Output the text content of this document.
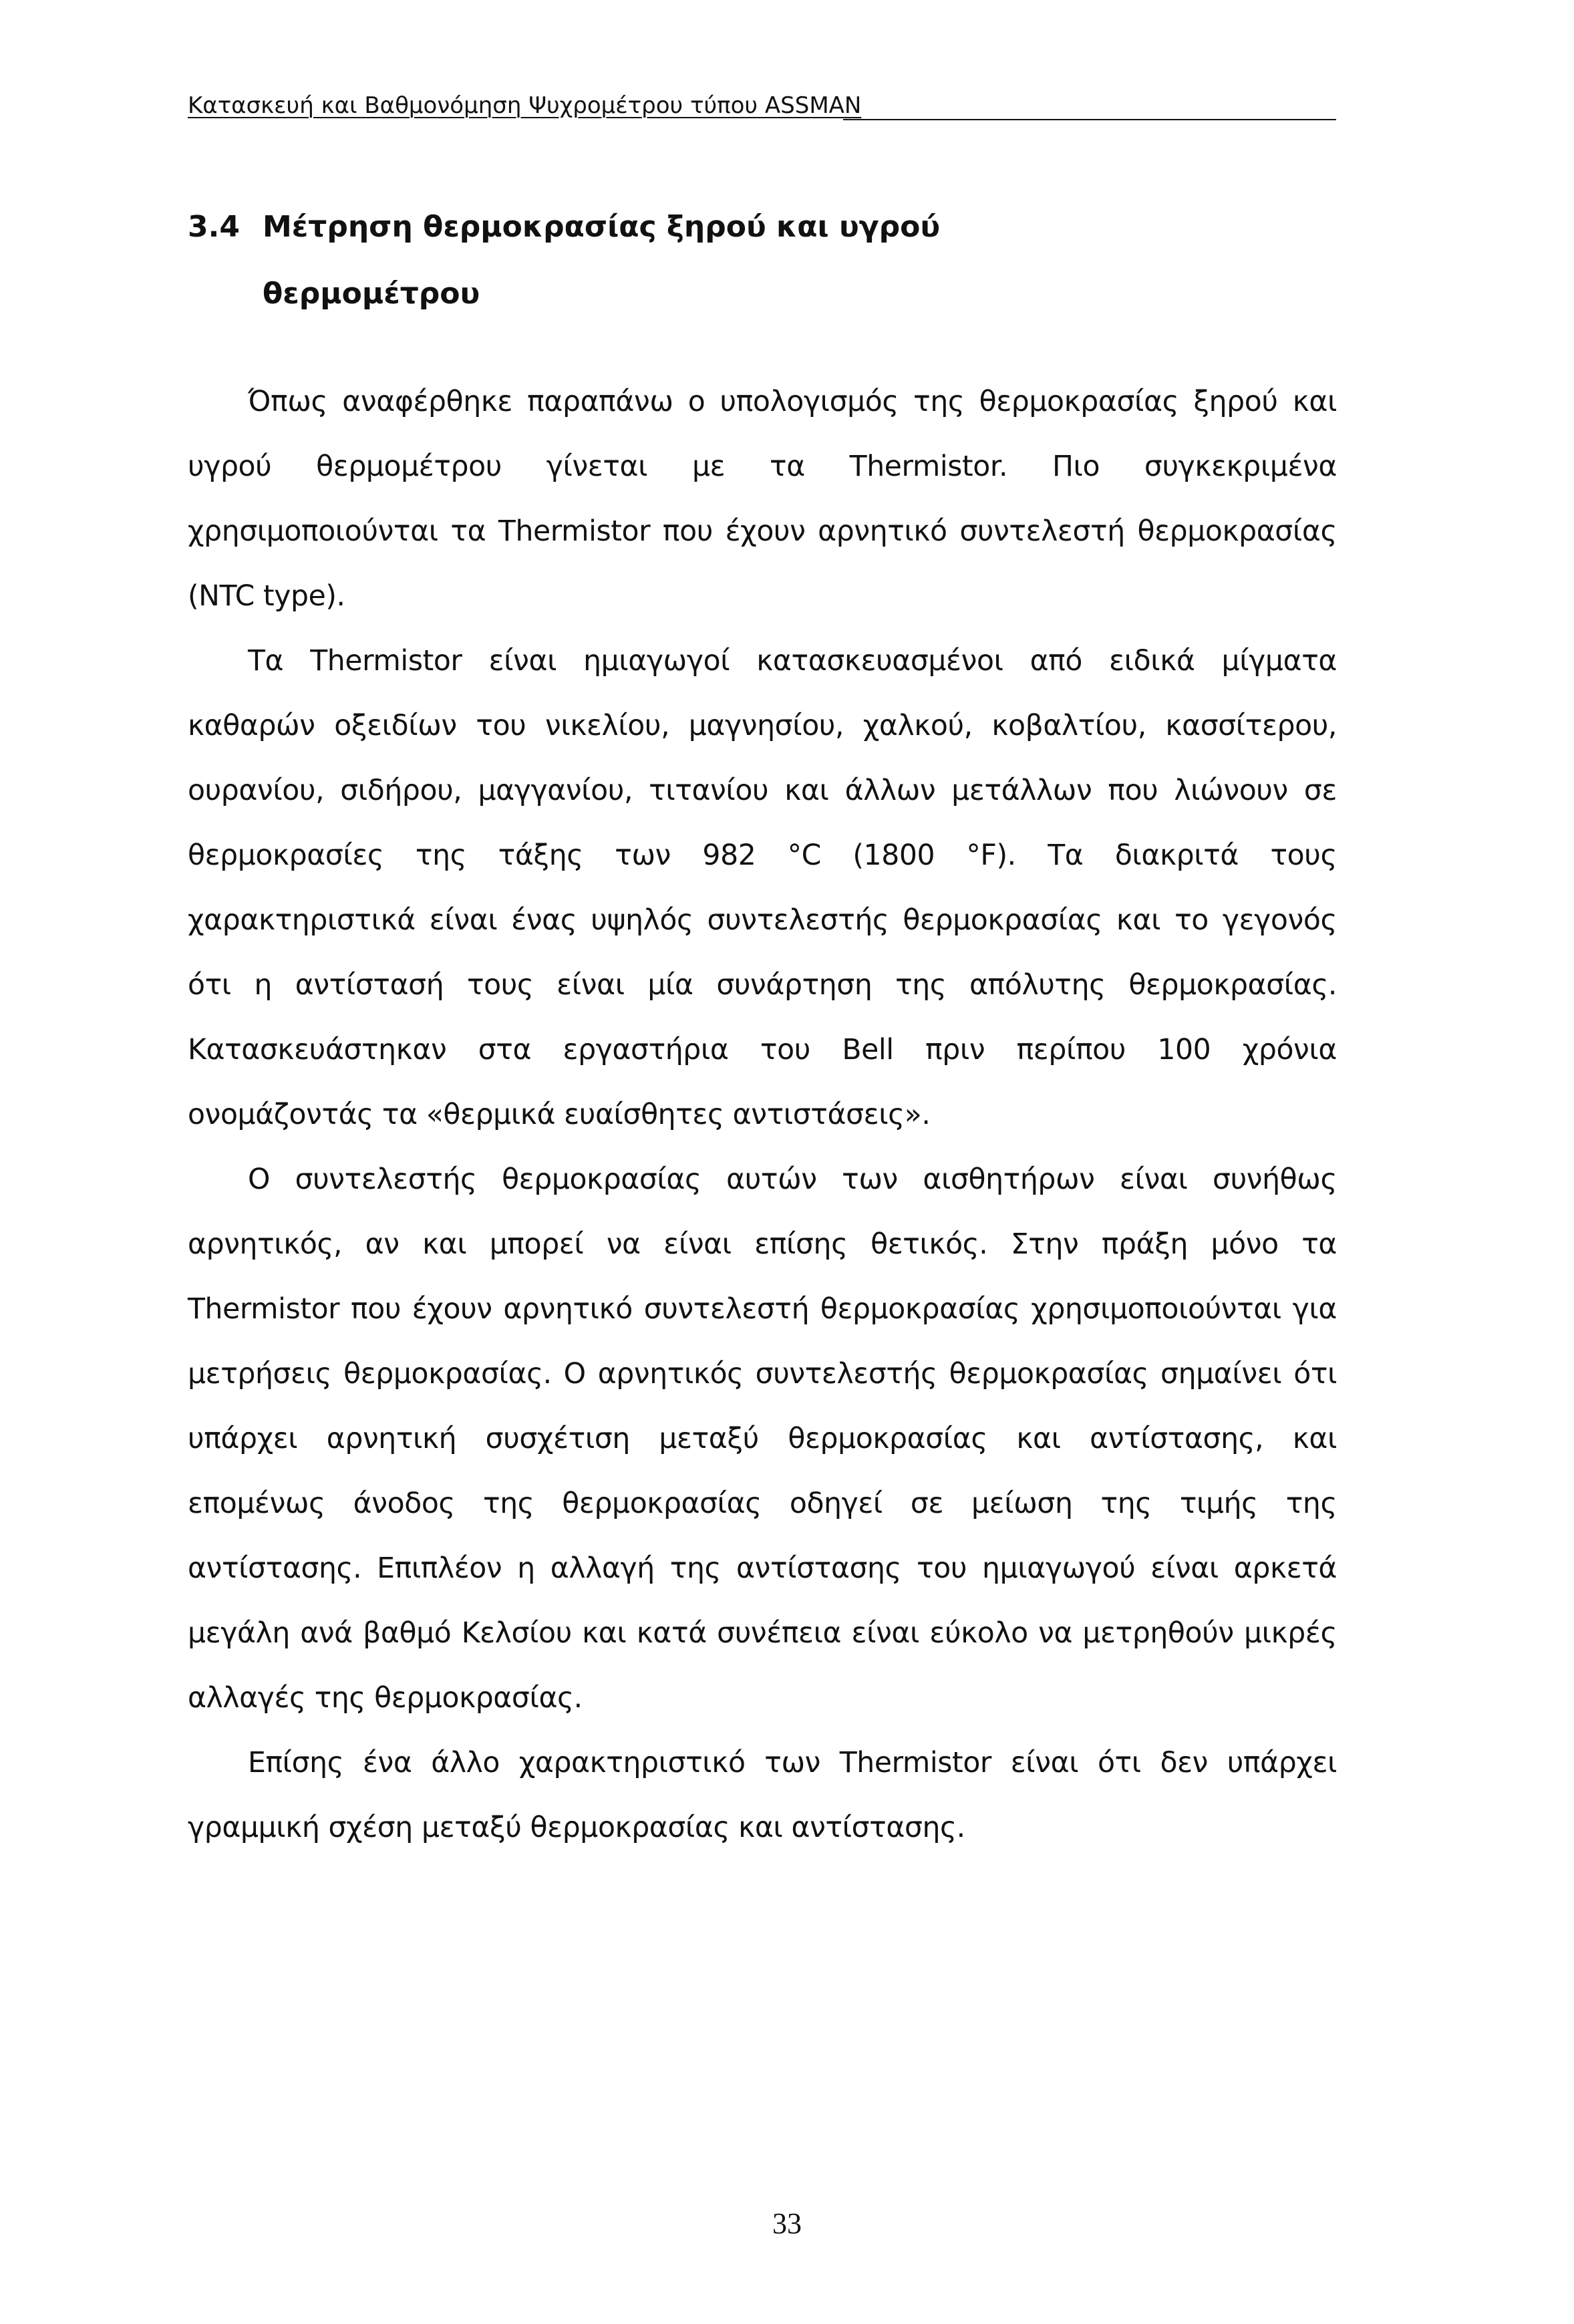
Κατασκευή και Βαθμονόμηση Ψυχρομέτρου τύπου ASSMAN
3.4 Μέτρηση θερμοκρασίας ξηρού και υγρού
θερμομέτρου

Όπως αναφέρθηκε παραπάνω ο υπολογισμός της θερμοκρασίας ξηρού και υγρού θερμομέτρου γίνεται με τα Thermistor. Πιο συγκεκριμένα χρησιμοποιούνται τα Thermistor που έχουν αρνητικό συντελεστή θερμοκρασίας (NTC type).

Τα Thermistor είναι ημιαγωγοί κατασκευασμένοι από ειδικά μίγματα καθαρών οξειδίων του νικελίου, μαγνησίου, χαλκού, κοβαλτίου, κασσίτερου, ουρανίου, σιδήρου, μαγγανίου, τιτανίου και άλλων μετάλλων που λιώνουν σε θερμοκρασίες της τάξης των 982 °C (1800 °F). Τα διακριτά τους χαρακτηριστικά είναι ένας υψηλός συντελεστής θερμοκρασίας και το γεγονός ότι η αντίστασή τους είναι μία συνάρτηση της απόλυτης θερμοκρασίας. Κατασκευάστηκαν στα εργαστήρια του Bell πριν περίπου 100 χρόνια ονομάζοντάς τα «θερμικά ευαίσθητες αντιστάσεις».

Ο συντελεστής θερμοκρασίας αυτών των αισθητήρων είναι συνήθως αρνητικός, αν και μπορεί να είναι επίσης θετικός. Στην πράξη μόνο τα Thermistor που έχουν αρνητικό συντελεστή θερμοκρασίας χρησιμοποιούνται για μετρήσεις θερμοκρασίας. Ο αρνητικός συντελεστής θερμοκρασίας σημαίνει ότι υπάρχει αρνητική συσχέτιση μεταξύ θερμοκρασίας και αντίστασης, και επομένως άνοδος της θερμοκρασίας οδηγεί σε μείωση της τιμής της αντίστασης. Επιπλέον η αλλαγή της αντίστασης του ημιαγωγού είναι αρκετά μεγάλη ανά βαθμό Κελσίου και κατά συνέπεια είναι εύκολο να μετρηθούν μικρές αλλαγές της θερμοκρασίας.

Επίσης ένα άλλο χαρακτηριστικό των Thermistor είναι ότι δεν υπάρχει γραμμική σχέση μεταξύ θερμοκρασίας και αντίστασης.

33
